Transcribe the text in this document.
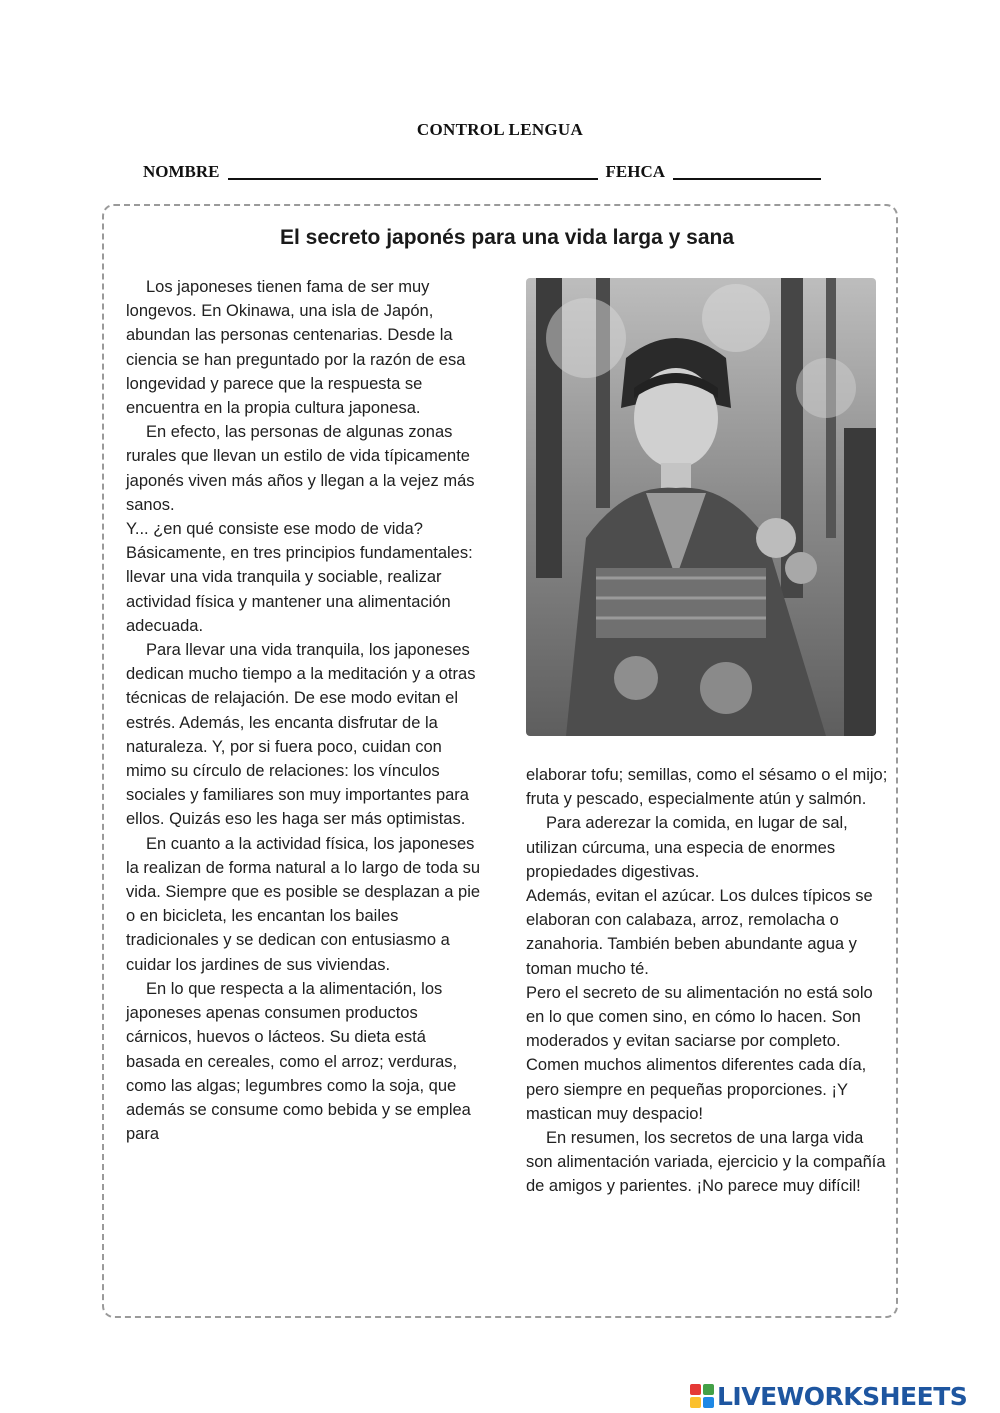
CONTROL LENGUA
NOMBRE	FEHCA
El secreto japonés para una vida larga y sana

Los japoneses tienen fama de ser muy longevos. En Okinawa, una isla de Japón, abundan las personas centenarias. Desde la ciencia se han preguntado por la razón de esa longevidad y parece que la respuesta se encuentra en la propia cultura japonesa.

En efecto, las personas de algunas zonas rurales que llevan un estilo de vida típicamente japonés viven más años y llegan a la vejez más sanos.

Y... ¿en qué consiste ese modo de vida? Básicamente, en tres principios fundamentales: llevar una vida tranquila y sociable, realizar actividad física y mantener una alimentación adecuada.

Para llevar una vida tranquila, los japoneses dedican mucho tiempo a la meditación y a otras técnicas de relajación. De ese modo evitan el estrés. Además, les encanta disfrutar de la naturaleza. Y, por si fuera poco, cuidan con mimo su círculo de relaciones: los vínculos sociales y familiares son muy importantes para ellos. Quizás eso les haga ser más optimistas.

En cuanto a la actividad física, los japoneses la realizan de forma natural a lo largo de toda su vida. Siempre que es posible se desplazan a pie o en bicicleta, les encantan los bailes tradicionales y se dedican con entusiasmo a cuidar los jardines de sus viviendas.

En lo que respecta a la alimentación, los japoneses apenas consumen productos cárnicos, huevos o lácteos. Su dieta está basada en cereales, como el arroz; verduras, como las algas; legumbres como la soja, que además se consume como bebida y se emplea para

elaborar tofu; semillas, como el sésamo o el mijo; fruta y pescado, especialmente atún y salmón.

Para aderezar la comida, en lugar de sal, utilizan cúrcuma, una especia de enormes propiedades digestivas.

Además, evitan el azúcar. Los dulces típicos se elaboran con calabaza, arroz, remolacha o zanahoria. También beben abundante agua y toman mucho té.

Pero el secreto de su alimentación no está solo en lo que comen sino, en cómo lo hacen. Son moderados y evitan saciarse por completo. Comen muchos alimentos diferentes cada día, pero siempre en pequeñas proporciones. ¡Y mastican muy despacio!

En resumen, los secretos de una larga vida son alimentación variada, ejercicio y la compañía de amigos y parientes. ¡No parece muy difícil!

LIVEWORKSHEETS
